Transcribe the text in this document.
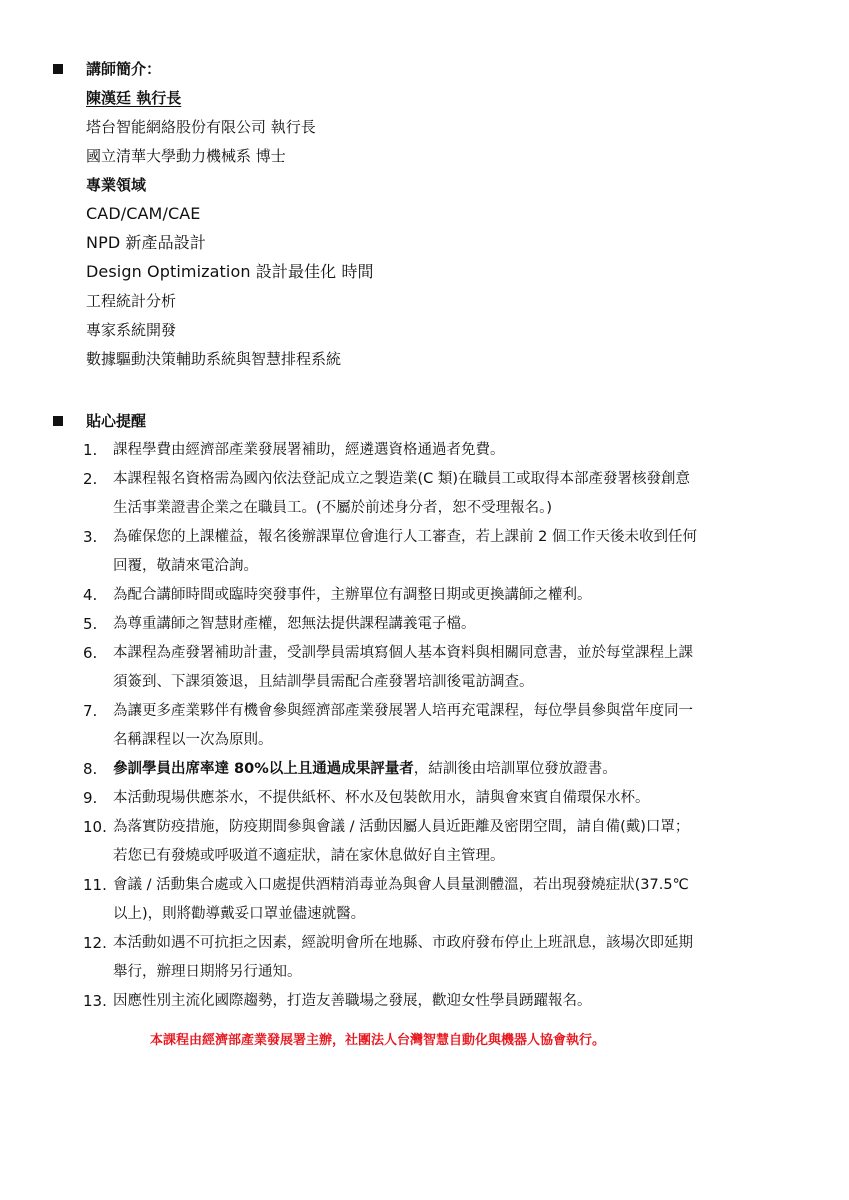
講師簡介：
陳漢廷 執行長
塔台智能網絡股份有限公司 執行長
國立清華大學動力機械系 博士
專業領域
CAD/CAM/CAE
NPD 新產品設計
Design Optimization 設計最佳化 時間
工程統計分析
專家系統開發
數據驅動決策輔助系統與智慧排程系統
貼心提醒
1.	課程學費由經濟部產業發展署補助，經遴選資格通過者免費。
2.	本課程報名資格需為國內依法登記成立之製造業(C 類)在職員工或取得本部產發署核發創意
生活事業證書企業之在職員工。(不屬於前述身分者，恕不受理報名。)
3.	為確保您的上課權益，報名後辦課單位會進行人工審查，若上課前 2 個工作天後未收到任何
回覆，敬請來電洽詢。
4.	為配合講師時間或臨時突發事件，主辦單位有調整日期或更換講師之權利。
5.	為尊重講師之智慧財產權，恕無法提供課程講義電子檔。
6.	本課程為產發署補助計畫，受訓學員需填寫個人基本資料與相關同意書，並於每堂課程上課
須簽到、下課須簽退，且結訓學員需配合產發署培訓後電訪調查。
7.	為讓更多產業夥伴有機會參與經濟部產業發展署人培再充電課程，每位學員參與當年度同一
名稱課程以一次為原則。
8.	參訓學員出席率達 80%以上且通過成果評量者，結訓後由培訓單位發放證書。
9.	本活動現場供應茶水，不提供紙杯、杯水及包裝飲用水，請與會來賓自備環保水杯。
10. 為落實防疫措施，防疫期間參與會議 / 活動因屬人員近距離及密閉空間，請自備(戴)口罩；
若您已有發燒或呼吸道不適症狀，請在家休息做好自主管理。
11. 會議 / 活動集合處或入口處提供酒精消毒並為與會人員量測體溫，若出現發燒症狀(37.5℃
以上)，則將勸導戴妥口罩並儘速就醫。
12. 本活動如遇不可抗拒之因素，經說明會所在地縣、市政府發布停止上班訊息，該場次即延期
舉行，辦理日期將另行通知。
13. 因應性別主流化國際趨勢，打造友善職場之發展，歡迎女性學員踴躍報名。
本課程由經濟部產業發展署主辦，社團法人台灣智慧自動化與機器人協會執行。
